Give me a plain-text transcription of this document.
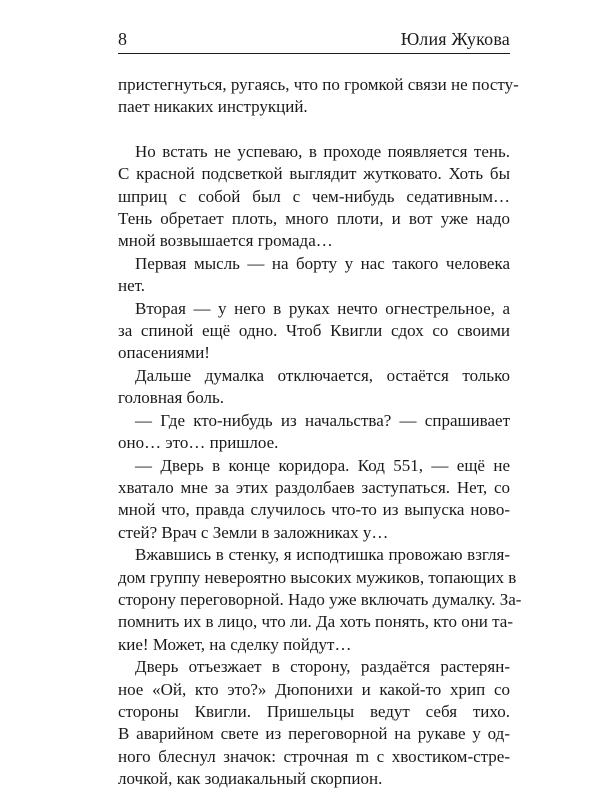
8	Юлия Жукова

пристегнуться, ругаясь, что по громкой связи не посту-
пает никаких инструкций.

Но встать не успеваю, в проходе появляется тень.
С красной подсветкой выглядит жутковато. Хоть бы
шприц с собой был с чем-нибудь седативным…
Тень обретает плоть, много плоти, и вот уже надо
мной возвышается громада…

Первая мысль — на борту у нас такого человека
нет.

Вторая — у него в руках нечто огнестрельное, а
за спиной ещё одно. Чтоб Квигли сдох со своими
опасениями!

Дальше думалка отключается, остаётся только
головная боль.

— Где кто-нибудь из начальства? — спрашивает
оно… это… пришлое.

— Дверь в конце коридора. Код 551, — ещё не
хватало мне за этих раздолбаев заступаться. Нет, со
мной что, правда случилось что-то из выпуска ново-
стей? Врач с Земли в заложниках у…

Вжавшись в стенку, я исподтишка провожаю взгля-
дом группу невероятно высоких мужиков, топающих в
сторону переговорной. Надо уже включать думалку. За-
помнить их в лицо, что ли. Да хоть понять, кто они та-
кие! Может, на сделку пойдут…

Дверь отъезжает в сторону, раздаётся растерян-
ное «Ой, кто это?» Дюпонихи и какой-то хрип со
стороны Квигли. Пришельцы ведут себя тихо.
В аварийном свете из переговорной на рукаве у од-
ного блеснул значок: строчная m с хвостиком-стре-
лочкой, как зодиакальный скорпион.
